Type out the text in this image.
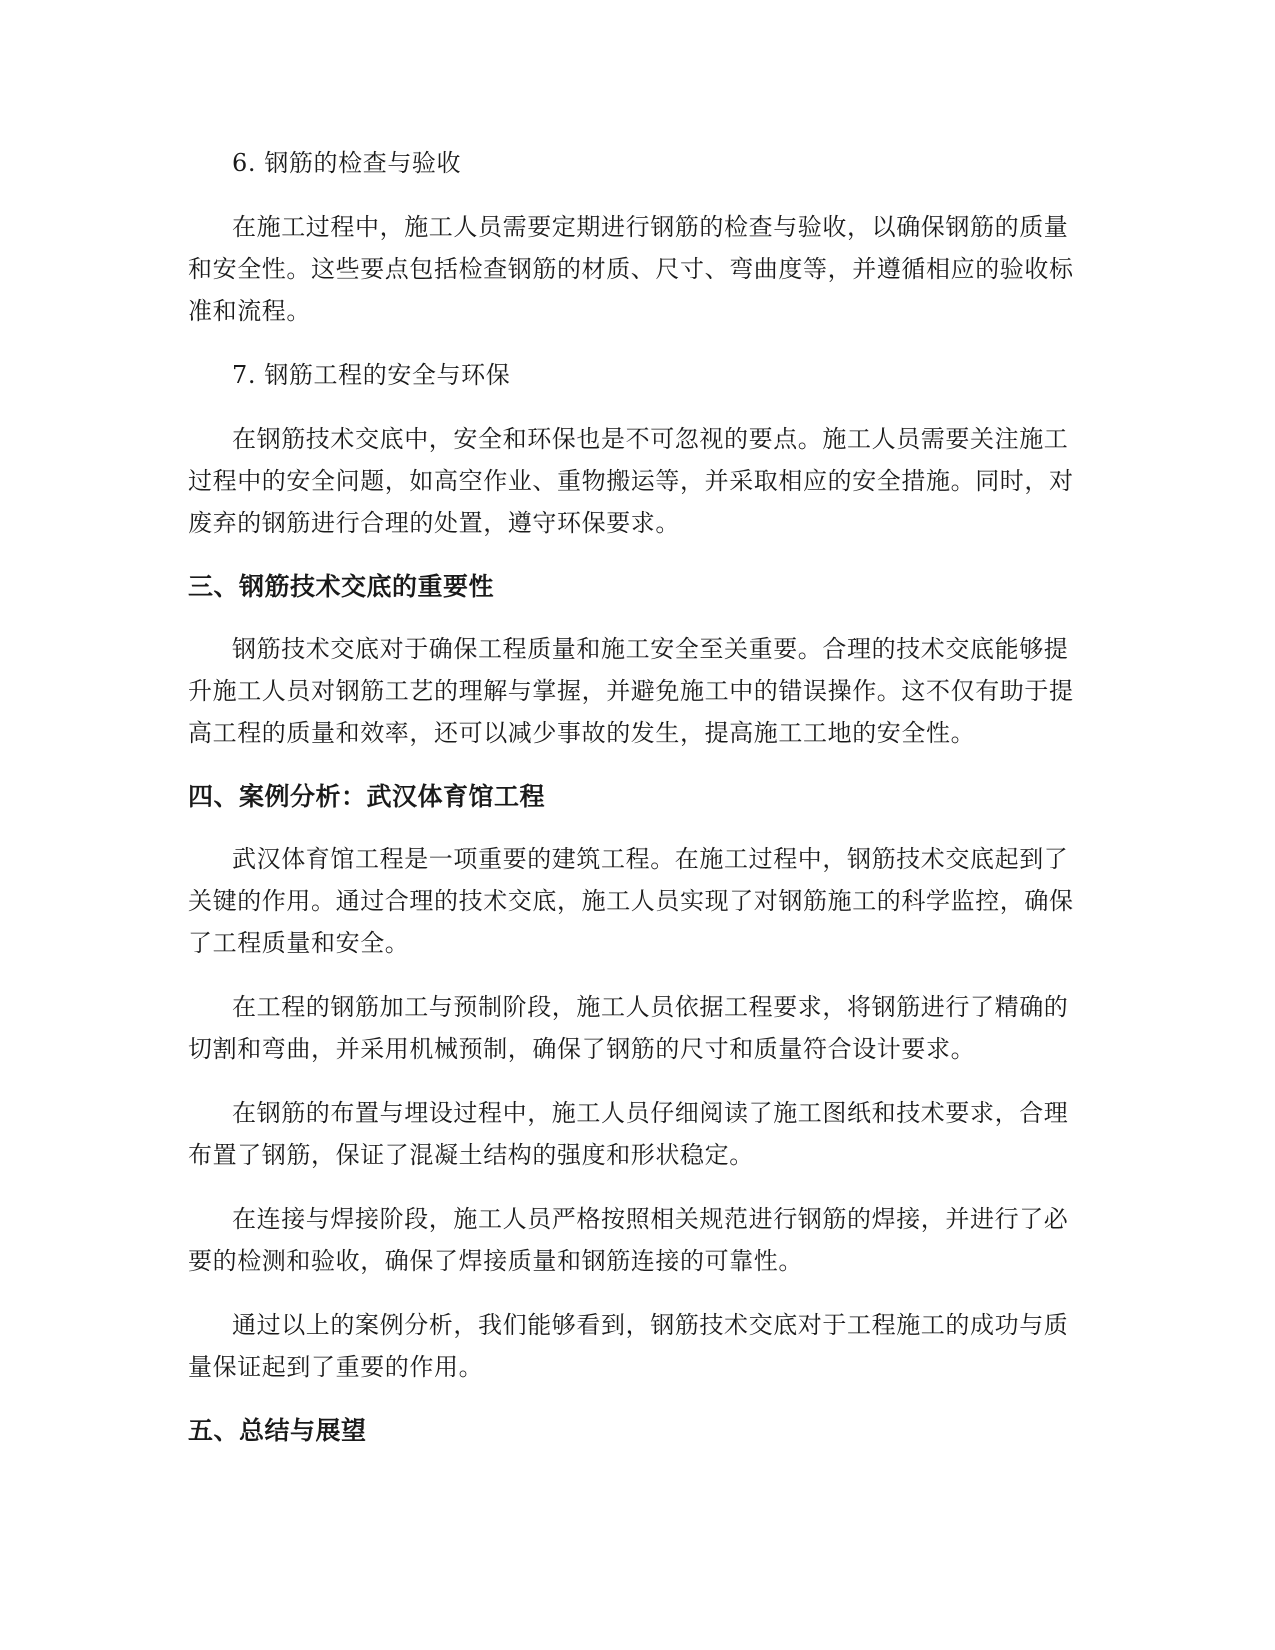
6. 钢筋的检查与验收

在施工过程中，施工人员需要定期进行钢筋的检查与验收，以确保钢筋的质量

和安全性。这些要点包括检查钢筋的材质、尺寸、弯曲度等，并遵循相应的验收标

准和流程。

7. 钢筋工程的安全与环保

在钢筋技术交底中，安全和环保也是不可忽视的要点。施工人员需要关注施工

过程中的安全问题，如高空作业、重物搬运等，并采取相应的安全措施。同时，对

废弃的钢筋进行合理的处置，遵守环保要求。

三、钢筋技术交底的重要性

钢筋技术交底对于确保工程质量和施工安全至关重要。合理的技术交底能够提

升施工人员对钢筋工艺的理解与掌握，并避免施工中的错误操作。这不仅有助于提

高工程的质量和效率，还可以减少事故的发生，提高施工工地的安全性。

四、案例分析：武汉体育馆工程

武汉体育馆工程是一项重要的建筑工程。在施工过程中，钢筋技术交底起到了

关键的作用。通过合理的技术交底，施工人员实现了对钢筋施工的科学监控，确保

了工程质量和安全。

在工程的钢筋加工与预制阶段，施工人员依据工程要求，将钢筋进行了精确的

切割和弯曲，并采用机械预制，确保了钢筋的尺寸和质量符合设计要求。

在钢筋的布置与埋设过程中，施工人员仔细阅读了施工图纸和技术要求，合理

布置了钢筋，保证了混凝土结构的强度和形状稳定。

在连接与焊接阶段，施工人员严格按照相关规范进行钢筋的焊接，并进行了必

要的检测和验收，确保了焊接质量和钢筋连接的可靠性。

通过以上的案例分析，我们能够看到，钢筋技术交底对于工程施工的成功与质

量保证起到了重要的作用。

五、总结与展望
